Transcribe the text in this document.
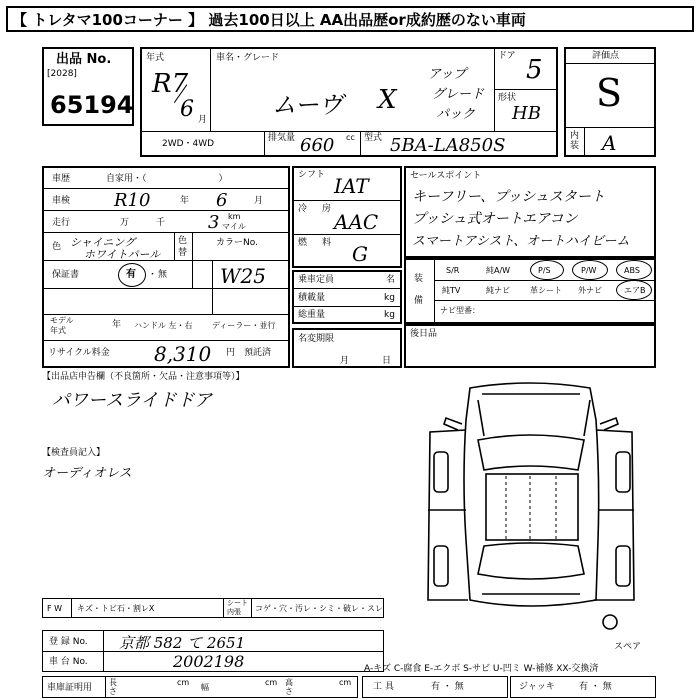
【 トレタマ100コーナー 】 過去100日以上 AA出品歴or成約歴のない車両
出品 No.
[2028]
65194
年式
R7
6 月
車名・グレード
ムーヴ X
アップ
グレード
パック
ドア 5
形状
HB
2WD・4WD
排気量 660 cc 型式 5BA-LA850S
評価点
S
内装 A
車歴	自家用・（　　　　　　　　）
車検 R10	年 6	月
走行	万	千 3 km
マイル
色 シャイニング
ホワイトパール
色
替
カラーNo.
W25
保証書	有 ・ 無
モデル
年式
年 ハンドル 左・右 ディーラー・並行
リサイクル料金 8,310 円 預託済
シフト IAT
冷 房
AAC
燃 料 G
乗車定員	名
積載量	kg
総重量	kg
名変期限
月	日
セールスポイント
キーフリー、プッシュスタート
プッシュ式オートエアコン
スマートアシスト、オートハイビーム
装
備
S/R	純A/W	P/S	P/W	ABS
純TV	純ナビ	革シート 外ナビ	エアB
ナビ型番：
後日品
【出品店申告欄（不良箇所・欠品・注意事項等）】
パワースライドドア
【検査員記入】
オーディオレス
スペア
F W キズ・トビ石・割レX
シート
内張 コゲ・穴・汚レ・シミ・破レ・スレ
登 録 No. 京都 582 て 2651
車 台 No.	2002198
車庫証明用
長さ
cm
幅
cm 高さ
cm
A-キズ C-腐食 E-エクボ S-サビ U-凹ミ W-補修 XX-交換済
工 具	有 ・ 無	ジャッキ	有 ・ 無
